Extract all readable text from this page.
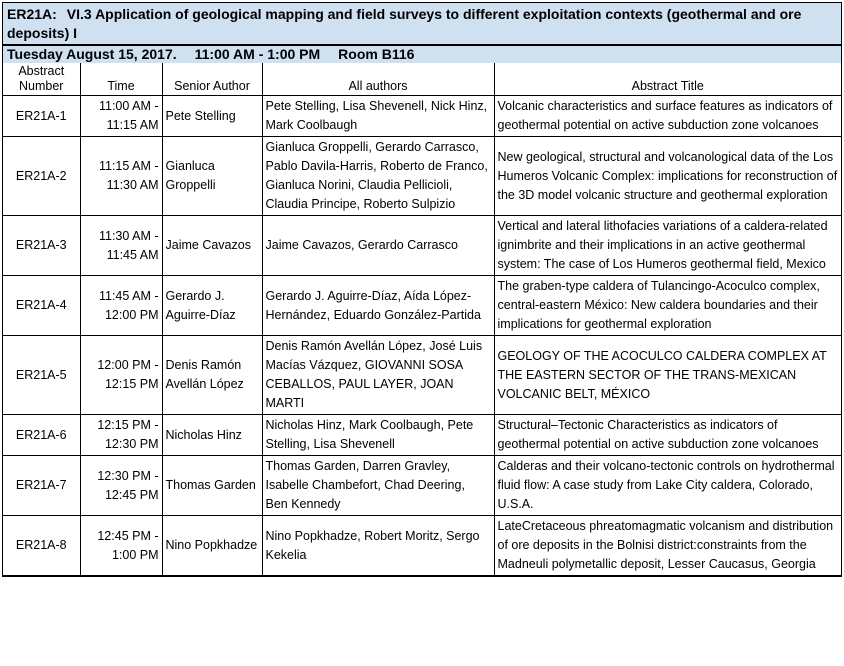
ER21A: VI.3 Application of geological mapping and field surveys to different exploitation contexts (geothermal and ore deposits) I
Tuesday August 15, 2017. 11:00 AM - 1:00 PM Room B116
Abstract Number	Time	Senior Author	All authors	Abstract Title
ER21A-1	11:00 AM - 11:15 AM	Pete Stelling	Pete Stelling, Lisa Shevenell, Nick Hinz, Mark Coolbaugh	Volcanic characteristics and surface features as indicators of geothermal potential on active subduction zone volcanoes
ER21A-2	11:15 AM - 11:30 AM	Gianluca Groppelli	Gianluca Groppelli, Gerardo Carrasco, Pablo Davila-Harris, Roberto de Franco, Gianluca Norini, Claudia Pellicioli, Claudia Principe, Roberto Sulpizio	New geological, structural and volcanological data of the Los Humeros Volcanic Complex: implications for reconstruction of the 3D model volcanic structure and geothermal exploration
ER21A-3	11:30 AM - 11:45 AM	Jaime Cavazos	Jaime Cavazos, Gerardo Carrasco	Vertical and lateral lithofacies variations of a caldera-related ignimbrite and their implications in an active geothermal system: The case of Los Humeros geothermal field, Mexico
ER21A-4	11:45 AM - 12:00 PM	Gerardo J. Aguirre-Díaz	Gerardo J. Aguirre-Díaz, Aída López-Hernández, Eduardo González-Partida	The graben-type caldera of Tulancingo-Acoculco complex, central-eastern México: New caldera boundaries and their implications for geothermal exploration
ER21A-5	12:00 PM - 12:15 PM	Denis Ramón Avellán López	Denis Ramón Avellán López, José Luis Macías Vázquez, GIOVANNI SOSA CEBALLOS, PAUL LAYER, JOAN MARTI	GEOLOGY OF THE ACOCULCO CALDERA COMPLEX AT THE EASTERN SECTOR OF THE TRANS-MEXICAN VOLCANIC BELT, MÉXICO
ER21A-6	12:15 PM - 12:30 PM	Nicholas Hinz	Nicholas Hinz, Mark Coolbaugh, Pete Stelling, Lisa Shevenell	Structural–Tectonic Characteristics as indicators of geothermal potential on active subduction zone volcanoes
ER21A-7	12:30 PM - 12:45 PM	Thomas Garden	Thomas Garden, Darren Gravley, Isabelle Chambefort, Chad Deering, Ben Kennedy	Calderas and their volcano-tectonic controls on hydrothermal fluid flow: A case study from Lake City caldera, Colorado, U.S.A.
ER21A-8	12:45 PM - 1:00 PM	Nino Popkhadze	Nino Popkhadze, Robert Moritz, Sergo Kekelia	LateCretaceous phreatomagmatic volcanism and distribution of ore deposits in the Bolnisi district:constraints from the Madneuli polymetallic deposit, Lesser Caucasus, Georgia
